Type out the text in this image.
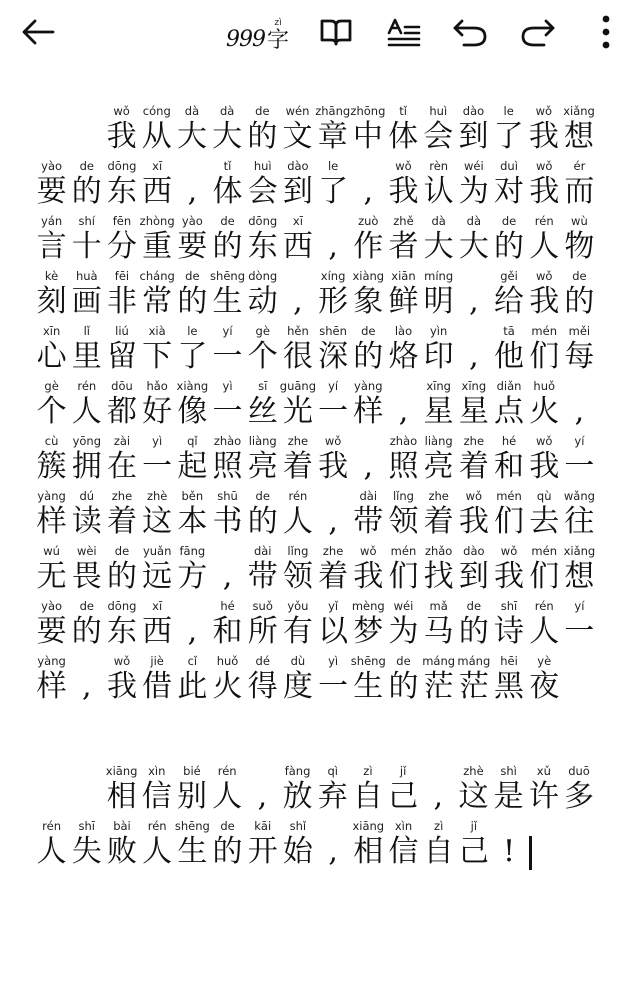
999
zì
字
wǒ
我
cóng
从
dà
大
dà
大
de
的
wén
文
zhāng
章
zhōng
中
tǐ
体
huì
会
dào
到
le
了
wǒ
我
xiǎng
想
yào
要
de
的
dōng
东
xī
西 ,
tǐ
体
huì
会
dào
到
le
了 ,
wǒ
我
rèn
认
wéi
为
duì
对
wǒ
我
ér
而
yán
言
shí
十
fēn
分
zhòng
重
yào
要
de
的
dōng
东
xī
西 ,
zuò
作
zhě
者
dà
大
dà
大
de
的
rén
人
wù
物
kè
刻
huà
画
fēi
非
cháng
常
de
的
shēng
生
dòng
动 ,
xíng
形
xiàng
象
xiān
鲜
míng
明 ,
gěi
给
wǒ
我
de
的
xīn
心
lǐ
里
liú
留
xià
下
le
了
yí
一
gè
个
hěn
很
shēn
深
de
的
lào
烙
yìn
印 ,
tā
他
mén
们
měi
每
gè
个
rén
人
dōu
都
hǎo
好
xiàng
像
yì
一
sī
丝
guāng
光
yí
一
yàng
样 ,
xīng
星
xīng
星
diǎn
点
huǒ
火 ,
cù
簇
yōng
拥
zài
在
yì
一
qǐ
起
zhào
照
liàng
亮
zhe
着
wǒ
我 ,
zhào
照
liàng
亮
zhe
着
hé
和
wǒ
我
yí
一
yàng
样
dú
读
zhe
着
zhè
这
běn
本
shū
书
de
的
rén
人 ,
dài
带
lǐng
领
zhe
着
wǒ
我
mén
们
qù
去
wǎng
往
wú
无
wèi
畏
de
的
yuǎn
远
fāng
方 ,
dài
带
lǐng
领
zhe
着
wǒ
我
mén
们
zhǎo
找
dào
到
wǒ
我
mén
们
xiǎng
想
yào
要
de
的
dōng
东
xī
西 ,
hé
和
suǒ
所
yǒu
有
yǐ
以
mèng
梦
wéi
为
mǎ
马
de
的
shī
诗
rén
人
yí
一
yàng
样 ,
wǒ
我
jiè
借
cǐ
此
huǒ
火
dé
得
dù
度
yì
一
shēng
生
de
的
máng
茫
máng
茫
hēi
黑
yè
夜
xiāng
相
xìn
信
bié
别
rén
人 ,
fàng
放
qì
弃
zì
自
jǐ
己 ,
zhè
这
shì
是
xǔ
许
duō
多
rén
人
shī
失
bài
败
rén
人
shēng
生
de
的
kāi
开
shǐ
始 ,
xiāng
相
xìn
信
zì
自
jǐ
己 !
